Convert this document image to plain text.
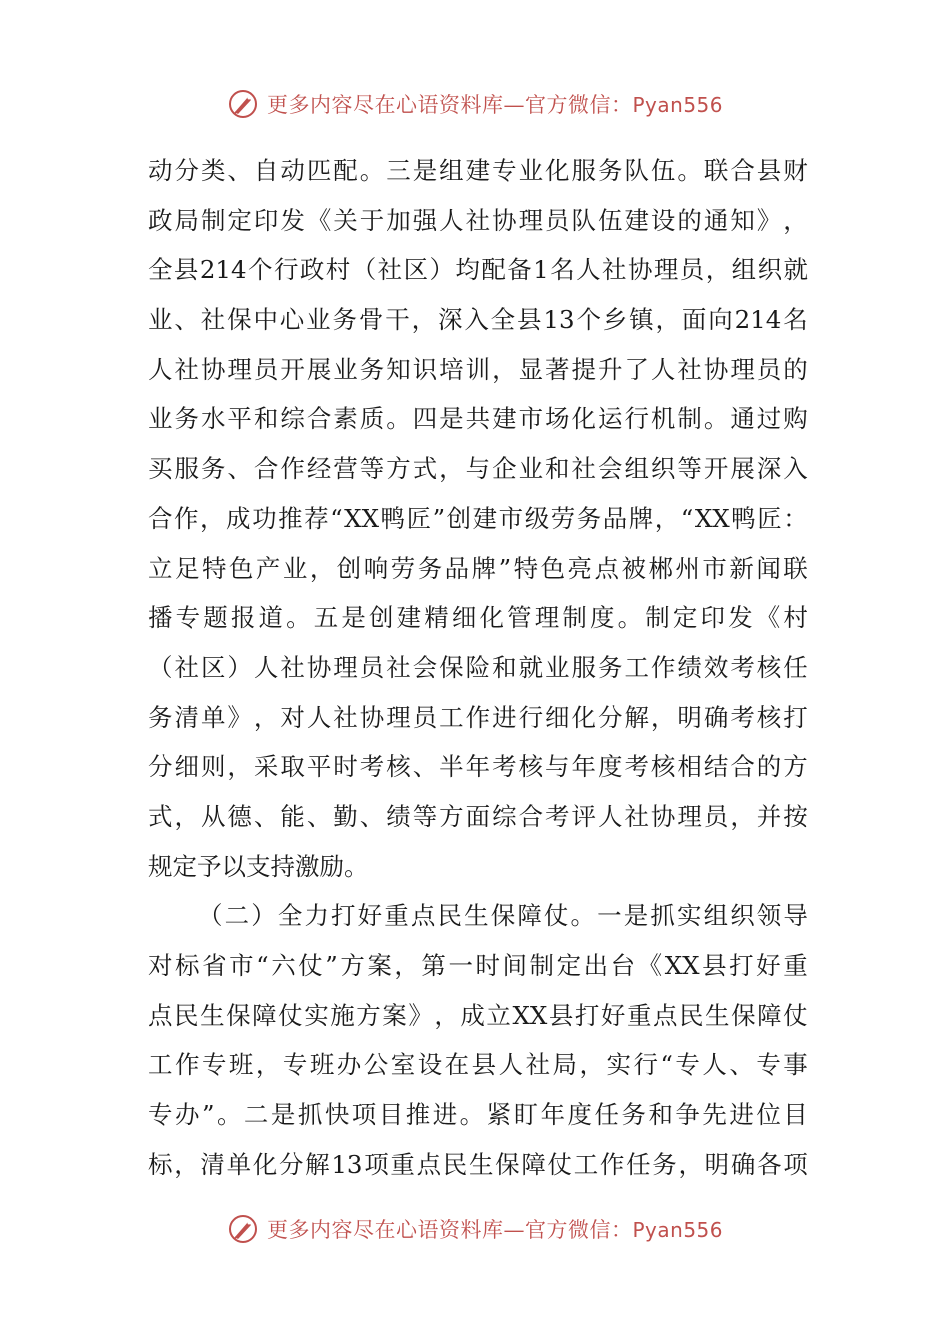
更多内容尽在心语资料库—官方微信：Pyan556
动 分 类 、 自 动 匹 配 。 三 是 组 建 专 业 化 服 务 队 伍 。 联 合 县 财
政 局 制 定 印 发 《 关 于 加 强 人 社 协 理 员 队 伍 建 设 的 通 知 》 ，
全 县 214 个 行 政 村 （ 社 区 ） 均 配 备 1 名 人 社 协 理 员 ， 组 织 就
业 、 社 保 中 心 业 务 骨 干 ， 深 入 全 县 13 个 乡 镇 ， 面 向 214 名
人 社 协 理 员 开 展 业 务 知 识 培 训 ， 显 著 提 升 了 人 社 协 理 员 的
业 务 水 平 和 综 合 素 质 。 四 是 共 建 市 场 化 运 行 机 制 。 通 过 购
买 服 务 、 合 作 经 营 等 方 式 ， 与 企 业 和 社 会 组 织 等 开 展 深 入
合 作 ， 成 功 推 荐 “ XX 鸭 匠 ” 创 建 市 级 劳 务 品 牌 ， “ XX 鸭 匠 ：
立 足 特 色 产 业 ， 创 响 劳 务 品 牌 ” 特 色 亮 点 被 郴 州 市 新 闻 联
播 专 题 报 道 。 五 是 创 建 精 细 化 管 理 制 度 。 制 定 印 发 《 村
（ 社 区 ） 人 社 协 理 员 社 会 保 险 和 就 业 服 务 工 作 绩 效 考 核 任
务 清 单 》 ， 对 人 社 协 理 员 工 作 进 行 细 化 分 解 ， 明 确 考 核 打
分 细 则 ， 采 取 平 时 考 核 、 半 年 考 核 与 年 度 考 核 相 结 合 的 方
式 ， 从 德 、 能 、 勤 、 绩 等 方 面 综 合 考 评 人 社 协 理 员 ， 并 按
规定予以支持激励。
（ 二 ） 全 力 打 好 重 点 民 生 保 障 仗 。 一 是 抓 实 组 织 领 导
对 标 省 市 “ 六 仗 ” 方 案 ， 第 一 时 间 制 定 出 台 《 XX 县 打 好 重
点 民 生 保 障 仗 实 施 方 案 》 ， 成 立 XX 县 打 好 重 点 民 生 保 障 仗
工 作 专 班 ， 专 班 办 公 室 设 在 县 人 社 局 ， 实 行 “ 专 人 、 专 事
专 办 ” 。 二 是 抓 快 项 目 推 进 。 紧 盯 年 度 任 务 和 争 先 进 位 目
标 ， 清 单 化 分 解 13 项 重 点 民 生 保 障 仗 工 作 任 务 ， 明 确 各 项
更多内容尽在心语资料库—官方微信：Pyan556
